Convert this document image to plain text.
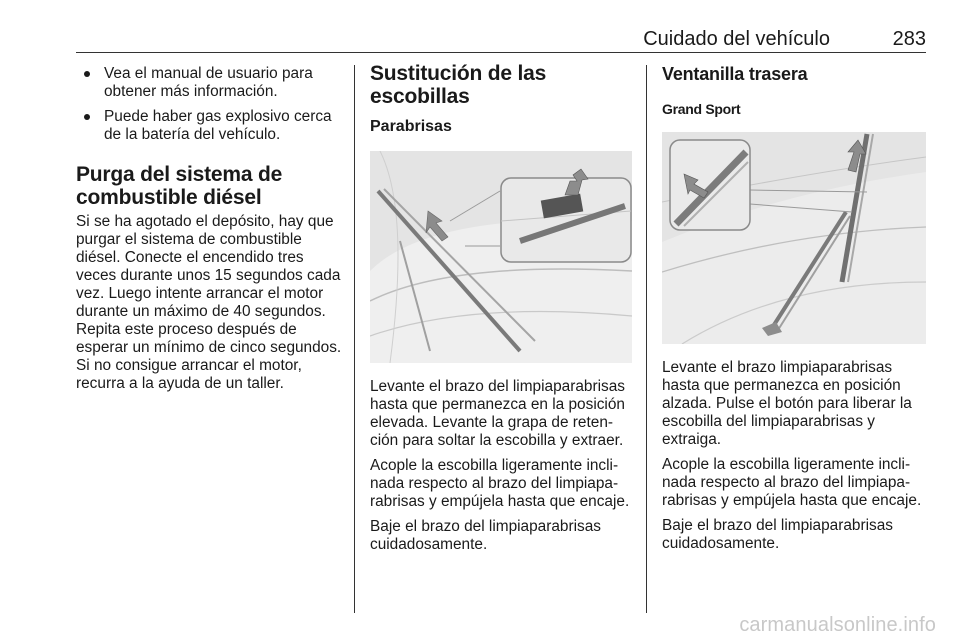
Cuidado del vehículo	283
Vea el manual de usuario para obtener más información.
Puede haber gas explosivo cerca de la batería del vehículo.
Purga del sistema de combustible diésel

Si se ha agotado el depósito, hay que purgar el sistema de combustible diésel. Conecte el encendido tres veces durante unos 15 segundos cada vez. Luego intente arrancar el motor durante un máximo de 40 segundos. Repita este proceso después de esperar un mínimo de cinco segundos. Si no consigue arrancar el motor, recurra a la ayuda de un taller.

Sustitución de las escobillas
Parabrisas

Levante el brazo del limpiaparabrisas hasta que permanezca en la posición elevada. Levante la grapa de reten-ción para soltar la escobilla y extraer.

Acople la escobilla ligeramente incli-nada respecto al brazo del limpiapa-rabrisas y empújela hasta que encaje.

Baje el brazo del limpiaparabrisas cuidadosamente.

Ventanilla trasera
Grand Sport

Levante el brazo limpiaparabrisas hasta que permanezca en posición alzada. Pulse el botón para liberar la escobilla del limpiaparabrisas y extraiga.

Acople la escobilla ligeramente incli-nada respecto al brazo del limpiapa-rabrisas y empújela hasta que encaje.

Baje el brazo del limpiaparabrisas cuidadosamente.

carmanualsonline.info
